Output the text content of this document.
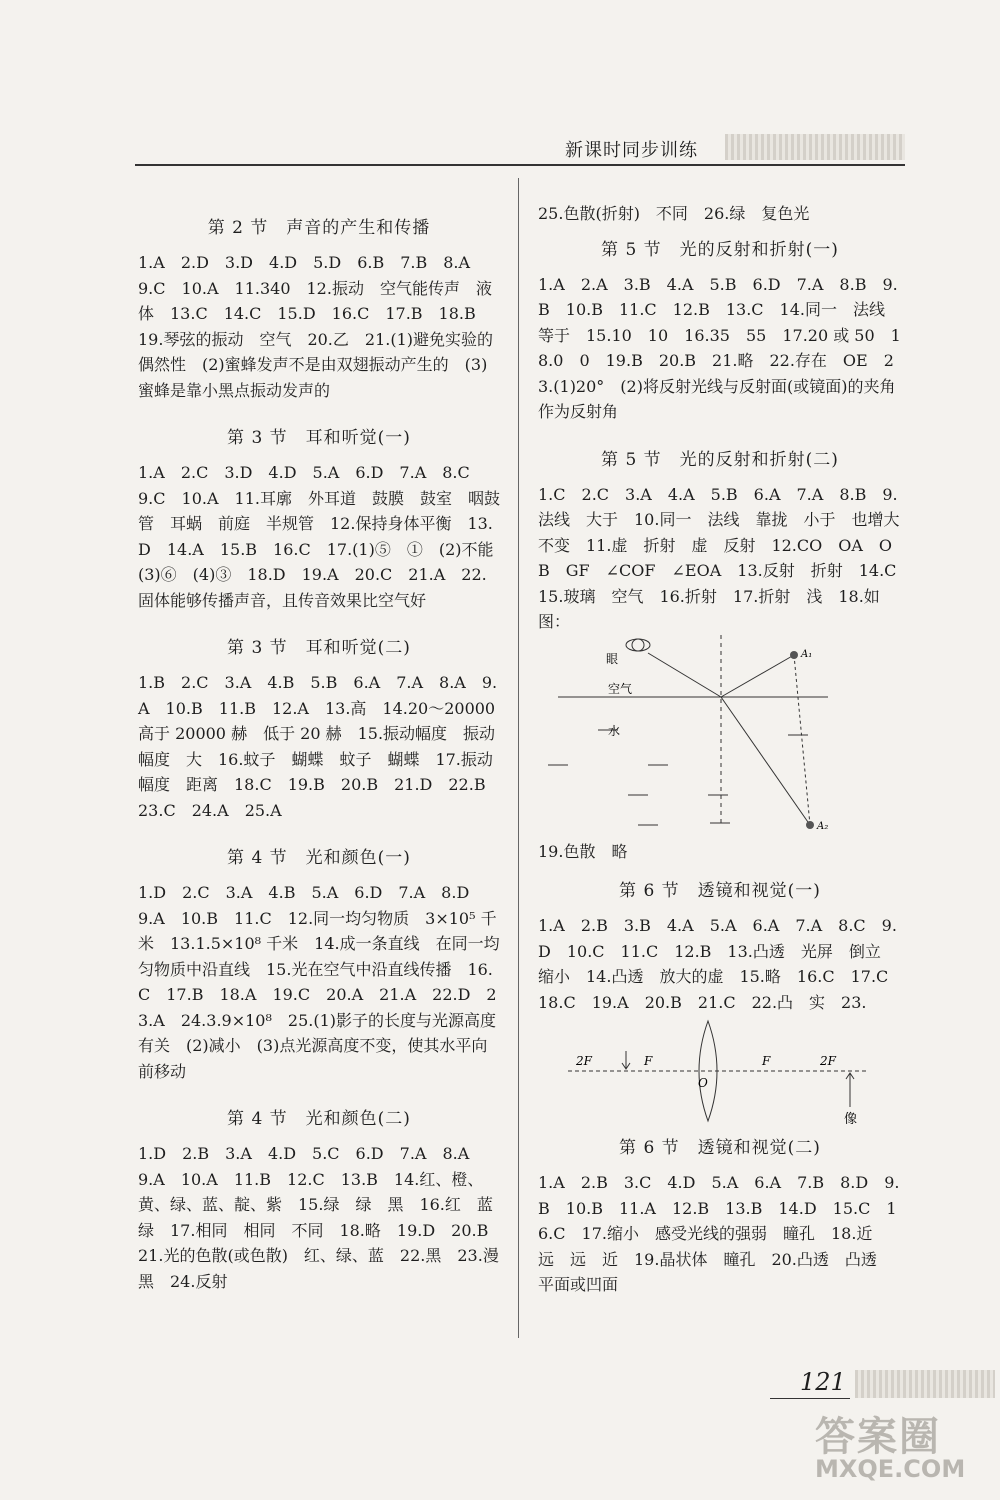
新课时同步训练
第 2 节　声音的产生和传播

1.A　2.D　3.D　4.D　5.D　6.B　7.B　8.A　9.C　10.A　11.340　12.振动　空气能传声　液体　13.C　14.C　15.D　16.C　17.B　18.B　19.琴弦的振动　空气　20.乙　21.(1)避免实验的偶然性　(2)蜜蜂发声不是由双翅振动产生的　(3)蜜蜂是靠小黑点振动发声的

第 3 节　耳和听觉(一)

1.A　2.C　3.D　4.D　5.A　6.D　7.A　8.C　9.C　10.A　11.耳廓　外耳道　鼓膜　鼓室　咽鼓管　耳蜗　前庭　半规管　12.保持身体平衡　13.D　14.A　15.B　16.C　17.(1)⑤　①　(2)不能　(3)⑥　(4)③　18.D　19.A　20.C　21.A　22.固体能够传播声音，且传音效果比空气好

第 3 节　耳和听觉(二)

1.B　2.C　3.A　4.B　5.B　6.A　7.A　8.A　9.A　10.B　11.B　12.A　13.高　14.20～20000　高于 20000 赫　低于 20 赫　15.振动幅度　振动幅度　大　16.蚊子　蝴蝶　蚊子　蝴蝶　17.振动幅度　距离　18.C　19.B　20.B　21.D　22.B　23.C　24.A　25.A

第 4 节　光和颜色(一)

1.D　2.C　3.A　4.B　5.A　6.D　7.A　8.D　9.A　10.B　11.C　12.同一均匀物质　3×10⁵ 千米　13.1.5×10⁸ 千米　14.成一条直线　在同一均匀物质中沿直线　15.光在空气中沿直线传播　16.C　17.B　18.A　19.C　20.A　21.A　22.D　23.A　24.3.9×10⁸　25.(1)影子的长度与光源高度有关　(2)减小　(3)点光源高度不变，使其水平向前移动

第 4 节　光和颜色(二)

1.D　2.B　3.A　4.D　5.C　6.D　7.A　8.A　9.A　10.A　11.B　12.C　13.B　14.红、橙、黄、绿、蓝、靛、紫　15.绿　绿　黑　16.红　蓝　绿　17.相同　相同　不同　18.略　19.D　20.B　21.光的色散(或色散)　红、绿、蓝　22.黑　23.漫　黑　24.反射

25.色散(折射)　不同　26.绿　复色光

第 5 节　光的反射和折射(一)

1.A　2.A　3.B　4.A　5.B　6.D　7.A　8.B　9.B　10.B　11.C　12.B　13.C　14.同一　法线　等于　15.10　10　16.35　55　17.20 或 50　18.0　0　19.B　20.B　21.略　22.存在　OE　23.(1)20°　(2)将反射光线与反射面(或镜面)的夹角作为反射角

第 5 节　光的反射和折射(二)

1.C　2.C　3.A　4.A　5.B　6.A　7.A　8.B　9.法线　大于　10.同一　法线　靠拢　小于　也增大　不变　11.虚　折射　虚　反射　12.CO　OA　OB　GF　∠COF　∠EOA　13.反射　折射　14.C　15.玻璃　空气　16.折射　17.折射　浅　18.如图：

眼
空气
水
A₁
A₂

19.色散　略

第 6 节　透镜和视觉(一)

1.A　2.B　3.B　4.A　5.A　6.A　7.A　8.C　9.D　10.C　11.C　12.B　13.凸透　光屏　倒立　缩小　14.凸透　放大的虚　15.略　16.C　17.C　18.C　19.A　20.B　21.C　22.凸　实　23.

2F	F
O
F	2F
像
第 6 节　透镜和视觉(二)

1.A　2.B　3.C　4.D　5.A　6.A　7.B　8.D　9.B　10.B　11.A　12.B　13.B　14.D　15.C　16.C　17.缩小　感受光线的强弱　瞳孔　18.近　远　远　近　19.晶状体　瞳孔　20.凸透　凸透　平面或凹面

121
答案圈
MXQE.COM
